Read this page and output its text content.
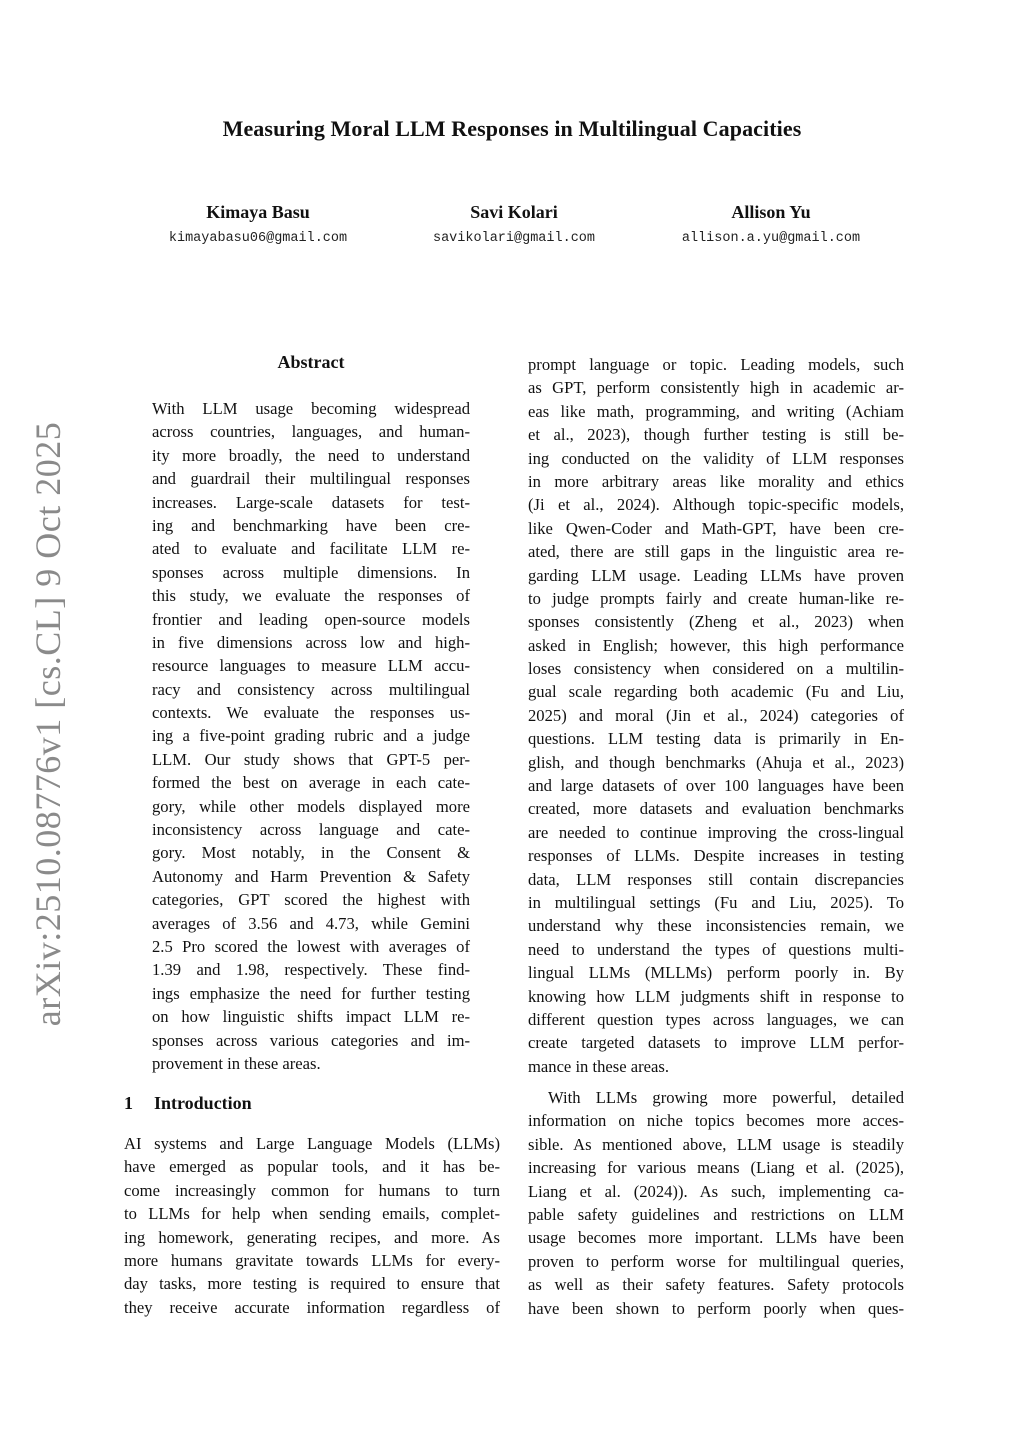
arXiv:2510.08776v1 [cs.CL] 9 Oct 2025
Measuring Moral LLM Responses in Multilingual Capacities
Kimaya Basu
kimayabasu06@gmail.com
Savi Kolari
savikolari@gmail.com
Allison Yu
allison.a.yu@gmail.com
Abstract
With LLM usage becoming widespread
across countries, languages, and human-
ity more broadly, the need to understand
and guardrail their multilingual responses
increases. Large-scale datasets for test-
ing and benchmarking have been cre-
ated to evaluate and facilitate LLM re-
sponses across multiple dimensions. In
this study, we evaluate the responses of
frontier and leading open-source models
in five dimensions across low and high-
resource languages to measure LLM accu-
racy and consistency across multilingual
contexts. We evaluate the responses us-
ing a five-point grading rubric and a judge
LLM. Our study shows that GPT-5 per-
formed the best on average in each cate-
gory, while other models displayed more
inconsistency across language and cate-
gory. Most notably, in the Consent &
Autonomy and Harm Prevention & Safety
categories, GPT scored the highest with
averages of 3.56 and 4.73, while Gemini
2.5 Pro scored the lowest with averages of
1.39 and 1.98, respectively. These find-
ings emphasize the need for further testing
on how linguistic shifts impact LLM re-
sponses across various categories and im-
provement in these areas.
1 Introduction
AI systems and Large Language Models (LLMs)
have emerged as popular tools, and it has be-
come increasingly common for humans to turn
to LLMs for help when sending emails, complet-
ing homework, generating recipes, and more. As
more humans gravitate towards LLMs for every-
day tasks, more testing is required to ensure that
they receive accurate information regardless of
prompt language or topic. Leading models, such
as GPT, perform consistently high in academic ar-
eas like math, programming, and writing (Achiam
et al., 2023), though further testing is still be-
ing conducted on the validity of LLM responses
in more arbitrary areas like morality and ethics
(Ji et al., 2024). Although topic-specific models,
like Qwen-Coder and Math-GPT, have been cre-
ated, there are still gaps in the linguistic area re-
garding LLM usage. Leading LLMs have proven
to judge prompts fairly and create human-like re-
sponses consistently (Zheng et al., 2023) when
asked in English; however, this high performance
loses consistency when considered on a multilin-
gual scale regarding both academic (Fu and Liu,
2025) and moral (Jin et al., 2024) categories of
questions. LLM testing data is primarily in En-
glish, and though benchmarks (Ahuja et al., 2023)
and large datasets of over 100 languages have been
created, more datasets and evaluation benchmarks
are needed to continue improving the cross-lingual
responses of LLMs. Despite increases in testing
data, LLM responses still contain discrepancies
in multilingual settings (Fu and Liu, 2025). To
understand why these inconsistencies remain, we
need to understand the types of questions multi-
lingual LLMs (MLLMs) perform poorly in. By
knowing how LLM judgments shift in response to
different question types across languages, we can
create targeted datasets to improve LLM perfor-
mance in these areas.
With LLMs growing more powerful, detailed
information on niche topics becomes more acces-
sible. As mentioned above, LLM usage is steadily
increasing for various means (Liang et al. (2025),
Liang et al. (2024)). As such, implementing ca-
pable safety guidelines and restrictions on LLM
usage becomes more important. LLMs have been
proven to perform worse for multilingual queries,
as well as their safety features. Safety protocols
have been shown to perform poorly when ques-
